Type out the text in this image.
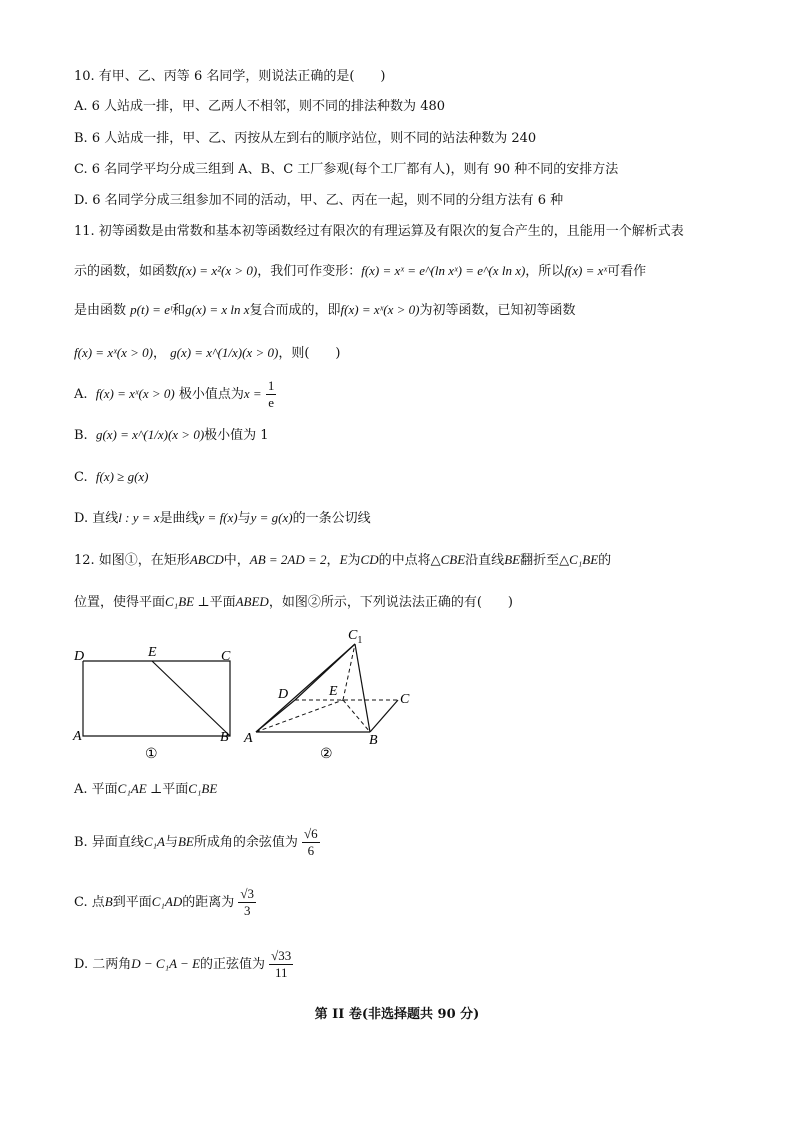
10. 有甲、乙、丙等 6 名同学，则说法正确的是(　　)
A. 6 人站成一排，甲、乙两人不相邻，则不同的排法种数为 480
B. 6 人站成一排，甲、乙、丙按从左到右的顺序站位，则不同的站法种数为 240
C. 6 名同学平均分成三组到 A、B、C 工厂参观(每个工厂都有人)，则有 90 种不同的安排方法
D. 6 名同学分成三组参加不同的活动，甲、乙、丙在一起，则不同的分组方法有 6 种
11. 初等函数是由常数和基本初等函数经过有限次的有理运算及有限次的复合产生的，且能用一个解析式表
示的函数，如函数f(x) = x²(x > 0)，我们可作变形：f(x) = xˣ = e^(ln xˣ) = e^(x ln x)，所以f(x) = xˣ可看作
是由函数 p(t) = eᵗ和g(x) = x ln x复合而成的，即f(x) = xˣ(x > 0)为初等函数，已知初等函数
f(x) = xˣ(x > 0)， g(x) = x^(1/x)(x > 0)，则(　　)
A. f(x) = xˣ(x > 0) 极小值点为$x = \frac{1}{e}$
B. g(x) = x^(1/x)(x > 0)极小值为 1
C. f(x) ≥ g(x)
D. 直线l : y = x是曲线y = f(x)与y = g(x)的一条公切线
12. 如图①，在矩形ABCD中，AB = 2AD = 2，E为CD的中点将△CBE沿直线BE翻折至△C₁BE的
位置，使得平面C₁BE ⊥平面ABED，如图②所示，下列说法法正确的有(　　)
D	E	C
A	B
①
$C_1$
D	E
C
A	B
②
A. 平面C₁AE ⊥平面C₁BE
B. 异面直线C₁A与BE所成角的余弦值为 $\frac{√6}{6}$
C. 点B到平面C₁AD的距离为 $\frac{√3}{3}$
D. 二两角D − C₁A − E的正弦值为 $\frac{√33}{11}$
第 II 卷(非选择题共 90 分)
